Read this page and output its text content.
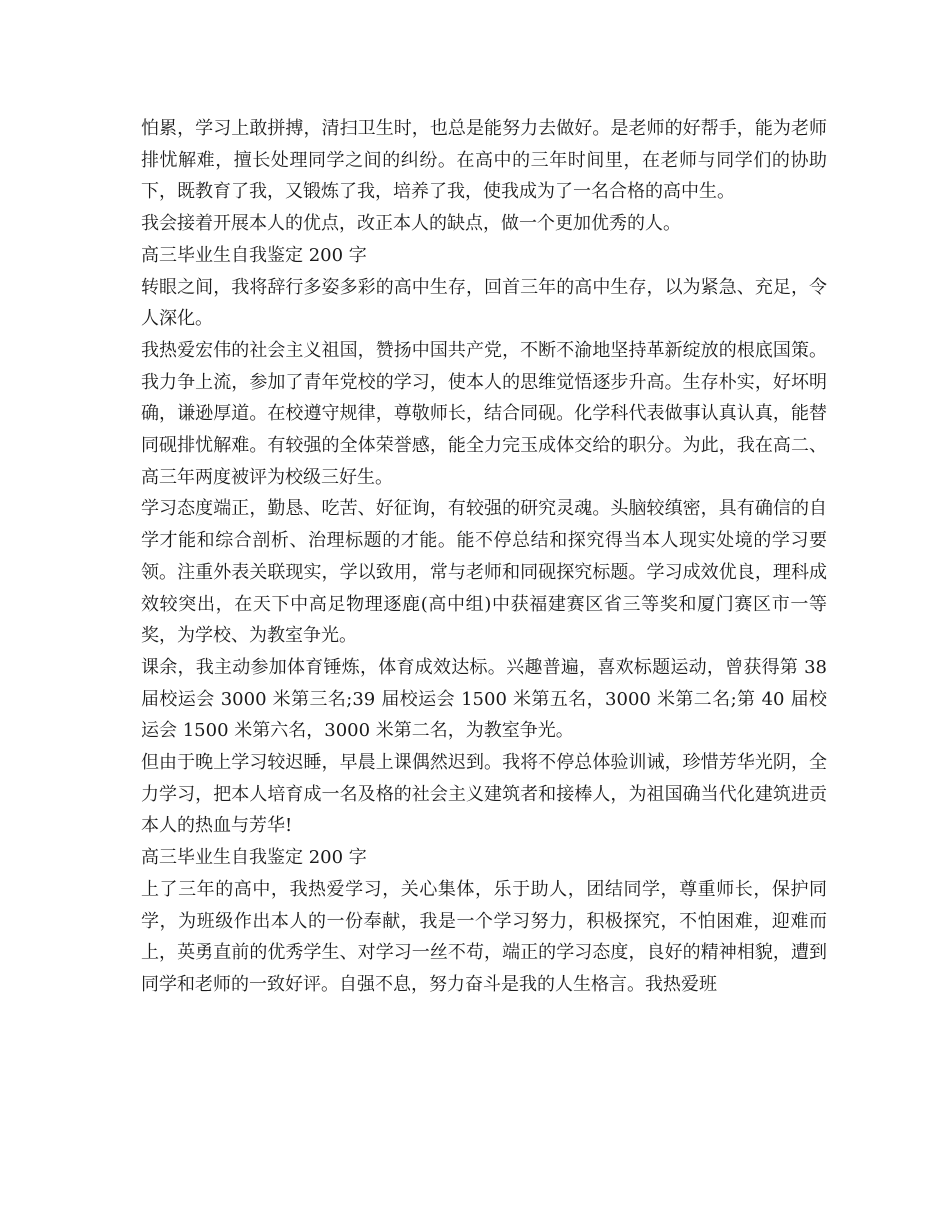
怕累，学习上敢拼搏，清扫卫生时，也总是能努力去做好。是老师的好帮手，能为老师排忧解难，擅长处理同学之间的纠纷。在高中的三年时间里，在老师与同学们的协助下，既教育了我，又锻炼了我，培养了我，使我成为了一名合格的高中生。

我会接着开展本人的优点，改正本人的缺点，做一个更加优秀的人。

高三毕业生自我鉴定 200 字

转眼之间，我将辞行多姿多彩的高中生存，回首三年的高中生存，以为紧急、充足，令人深化。

我热爱宏伟的社会主义祖国，赞扬中国共产党，不断不渝地坚持革新绽放的根底国策。我力争上流，参加了青年党校的学习，使本人的思维觉悟逐步升高。生存朴实，好坏明确，谦逊厚道。在校遵守规律，尊敬师长，结合同砚。化学科代表做事认真认真，能替同砚排忧解难。有较强的全体荣誉感，能全力完玉成体交给的职分。为此，我在高二、高三年两度被评为校级三好生。

学习态度端正，勤恳、吃苦、好征询，有较强的研究灵魂。头脑较缜密，具有确信的自学才能和综合剖析、治理标题的才能。能不停总结和探究得当本人现实处境的学习要领。注重外表关联现实，学以致用，常与老师和同砚探究标题。学习成效优良，理科成效较突出，在天下中高足物理逐鹿(高中组)中获福建赛区省三等奖和厦门赛区市一等奖，为学校、为教室争光。

课余，我主动参加体育锤炼，体育成效达标。兴趣普遍，喜欢标题运动，曾获得第 38 届校运会 3000 米第三名;39 届校运会 1500 米第五名，3000 米第二名;第 40 届校运会 1500 米第六名，3000 米第二名，为教室争光。

但由于晚上学习较迟睡，早晨上课偶然迟到。我将不停总体验训诫，珍惜芳华光阴，全力学习，把本人培育成一名及格的社会主义建筑者和接棒人，为祖国确当代化建筑进贡本人的热血与芳华!

高三毕业生自我鉴定 200 字

上了三年的高中，我热爱学习，关心集体，乐于助人，团结同学，尊重师长，保护同学，为班级作出本人的一份奉献，我是一个学习努力，积极探究，不怕困难，迎难而上，英勇直前的优秀学生、对学习一丝不苟，端正的学习态度，良好的精神相貌，遭到同学和老师的一致好评。自强不息，努力奋斗是我的人生格言。我热爱班
